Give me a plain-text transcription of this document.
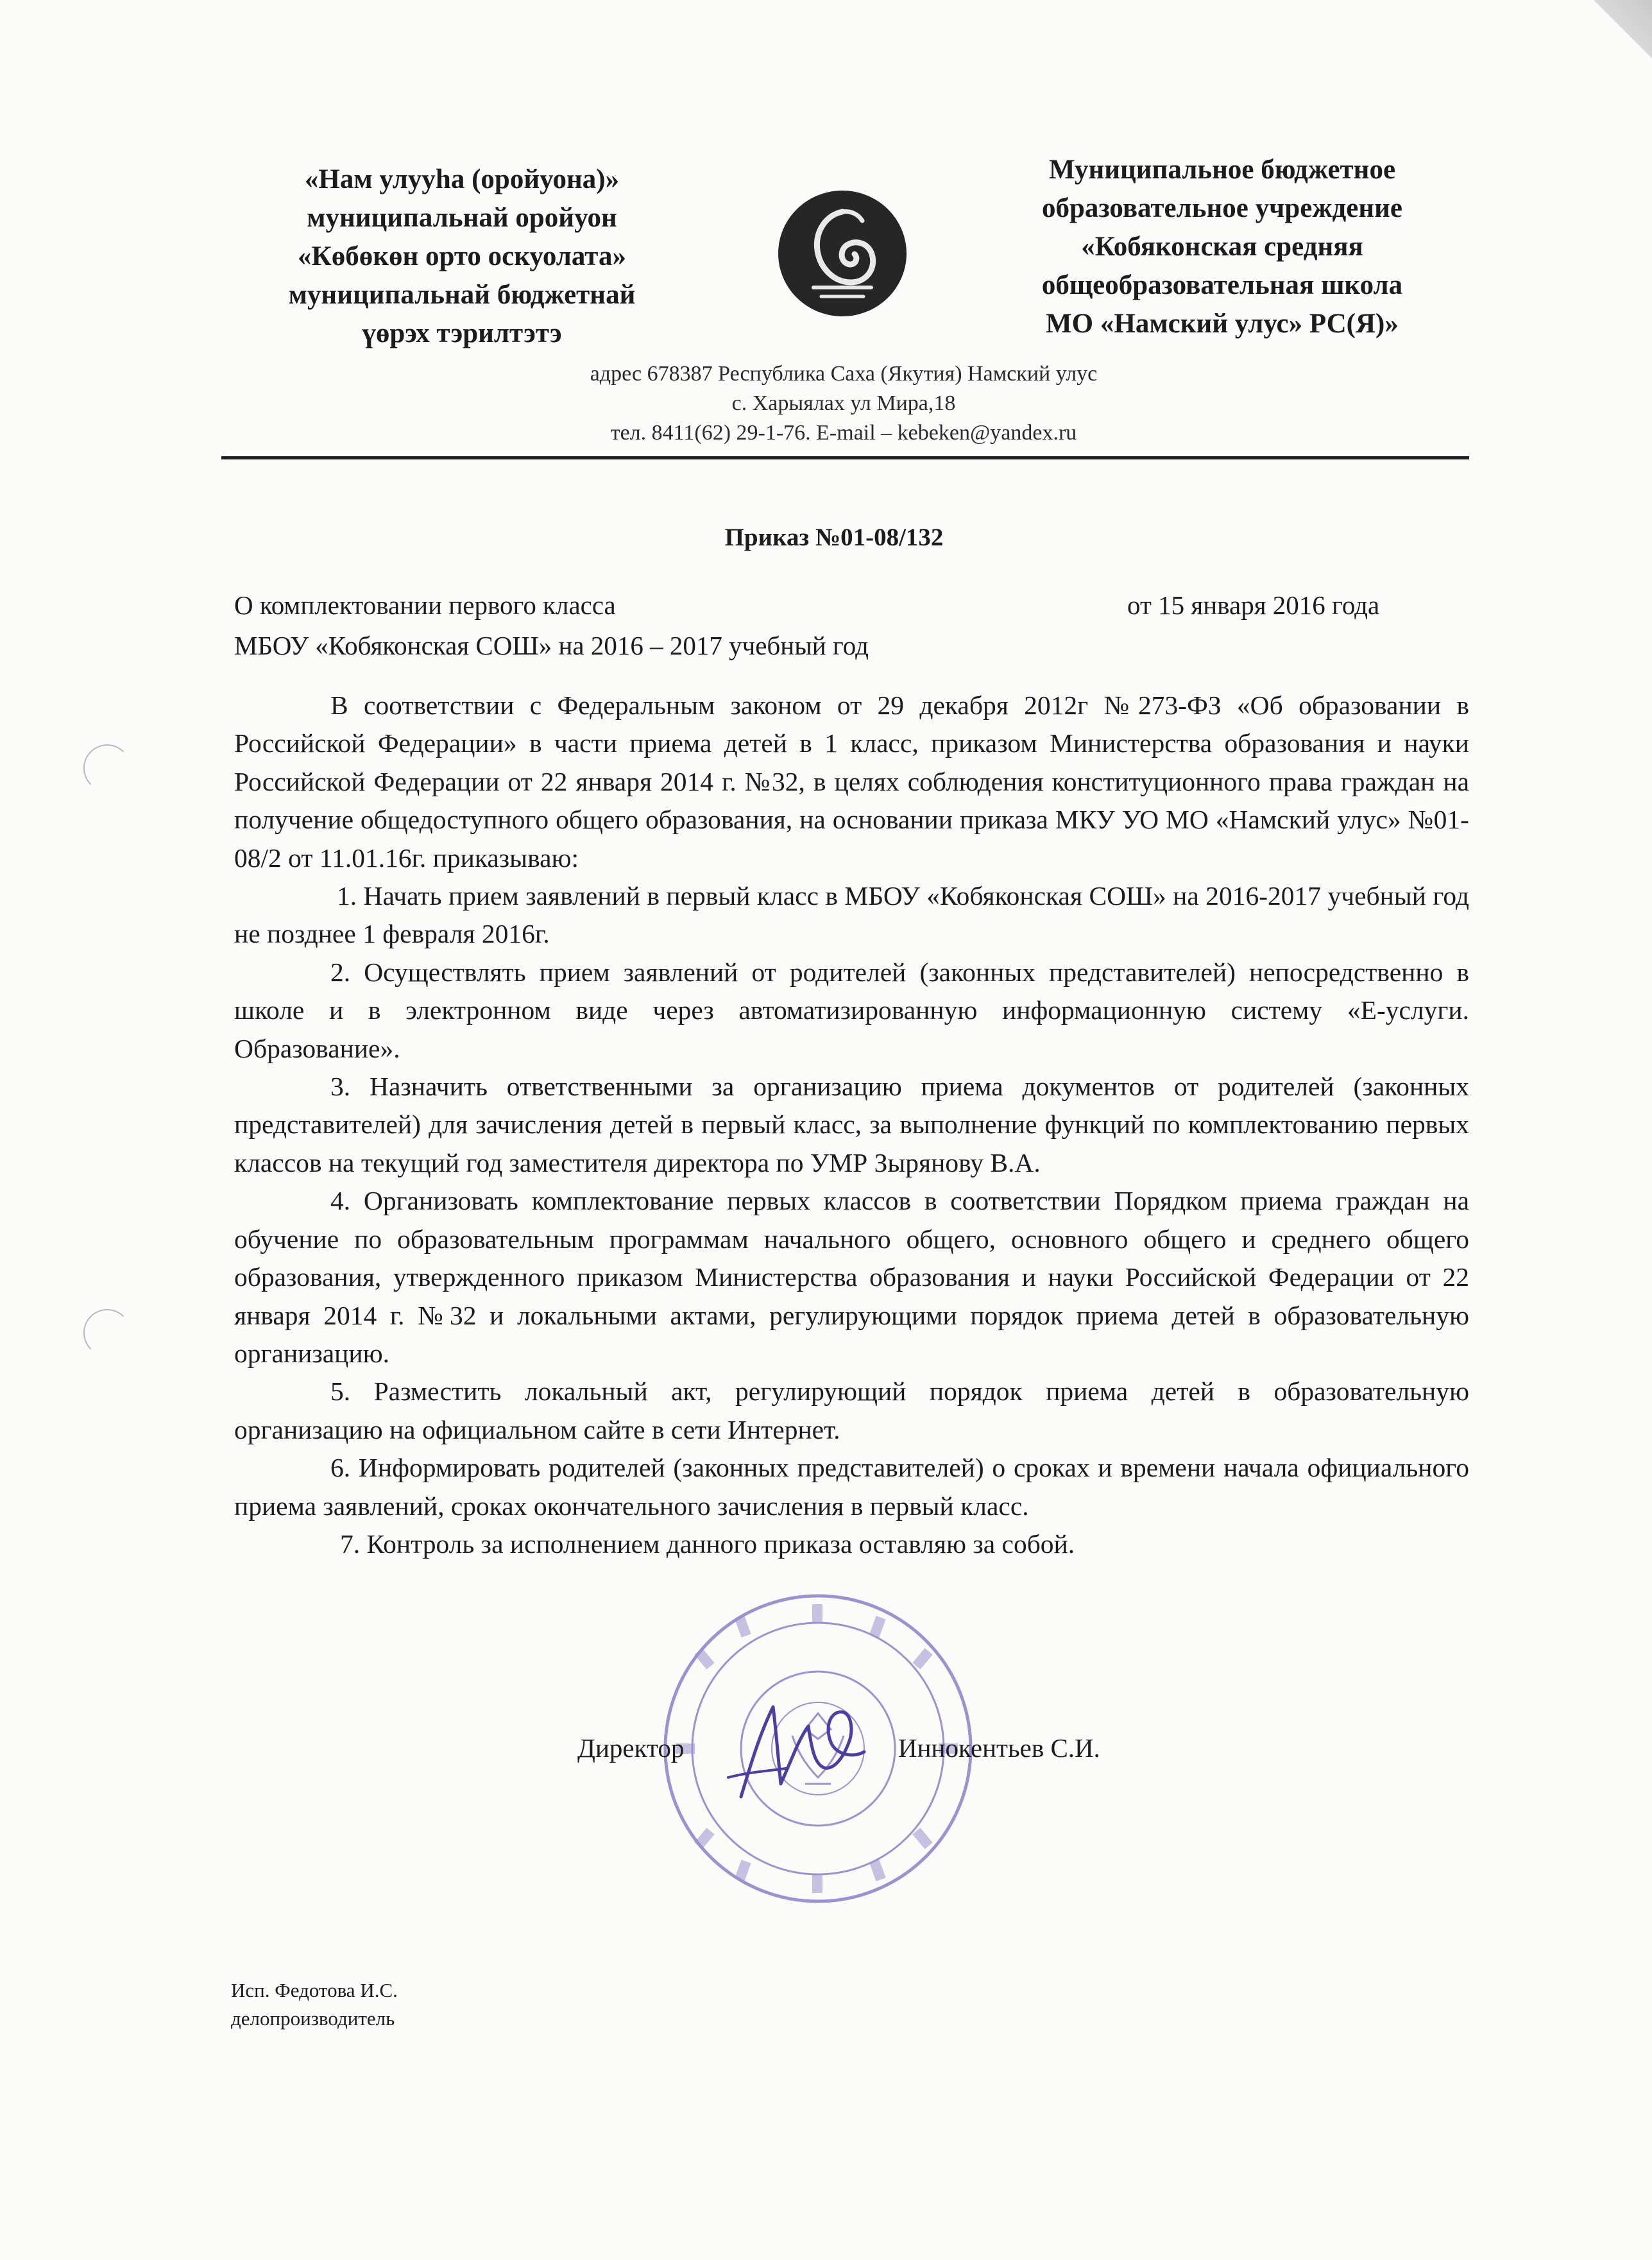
«Нам улууһа (оройуона)»
муниципальнай оройуон
«Көбөкөн орто оскуолата»
муниципальнай бюджетнай
үөрэх тэрилтэтэ
Муниципальное бюджетное
образовательное учреждение
«Кобяконская средняя
общеобразовательная школа
МО «Намский улус» РС(Я)»
адрес 678387 Республика Саха (Якутия) Намский улус
с. Харыялах ул Мира,18
тел. 8411(62) 29-1-76. E-mail – kebeken@yandex.ru
Приказ №01-08/132
О комплектовании первого класса
МБОУ «Кобяконская СОШ» на 2016 – 2017 учебный год
от 15 января 2016 года

В соответствии с Федеральным законом от 29 декабря 2012г №273-ФЗ «Об образовании в Российской Федерации» в части приема детей в 1 класс, приказом Министерства образования и науки Российской Федерации от 22 января 2014 г. №32, в целях соблюдения конституционного права граждан на получение общедоступного общего образования, на основании приказа МКУ УО МО «Намский улус» №01-08/2 от 11.01.16г. приказываю:

1. Начать прием заявлений в первый класс в МБОУ «Кобяконская СОШ» на 2016-2017 учебный год не позднее 1 февраля 2016г.

2. Осуществлять прием заявлений от родителей (законных представителей) непосредственно в школе и в электронном виде через автоматизированную информационную систему «Е-услуги. Образование».

3. Назначить ответственными за организацию приема документов от родителей (законных представителей) для зачисления детей в первый класс, за выполнение функций по комплектованию первых классов на текущий год заместителя директора по УМР Зырянову В.А.

4. Организовать комплектование первых классов в соответствии Порядком приема граждан на обучение по образовательным программам начального общего, основного общего и среднего общего образования, утвержденного приказом Министерства образования и науки Российской Федерации от 22 января 2014 г. №32 и локальными актами, регулирующими порядок приема детей в образовательную организацию.

5. Разместить локальный акт, регулирующий порядок приема детей в образовательную организацию на официальном сайте в сети Интернет.

6. Информировать родителей (законных представителей) о сроках и времени начала официального приема заявлений, сроках окончательного зачисления в первый класс.

7. Контроль за исполнением данного приказа оставляю за собой.

Директор	Иннокентьев С.И.
Исп. Федотова И.С.
делопроизводитель
